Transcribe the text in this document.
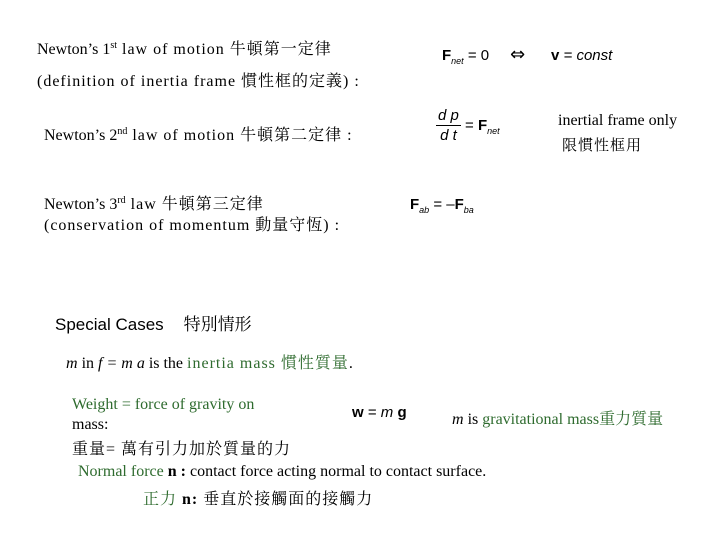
Newton’s 1st law of motion 牛頓第一定律
(definition of inertia frame 慣性框的定義) :
$F_{net} = 0$ ⇔ v = const
Newton’s 2nd law of motion 牛頓第二定律 :	$\frac{\text{d p}}{\text{d t}} = F_{net}$
inertial frame only
限慣性框用
Newton’s 3rd law 牛頓第三定律
(conservation of momentum 動量守恆) :
$F_{ab} = -F_{ba}$
Special Cases 特別情形
m in f = m a is the inertia mass 慣性質量.
Weight = force of gravity on
mass:
重量= 萬有引力加於質量的力
w = m g	m is gravitational mass重力質量
Normal force n : contact force acting normal to contact surface.
正力 n: 垂直於接觸面的接觸力
